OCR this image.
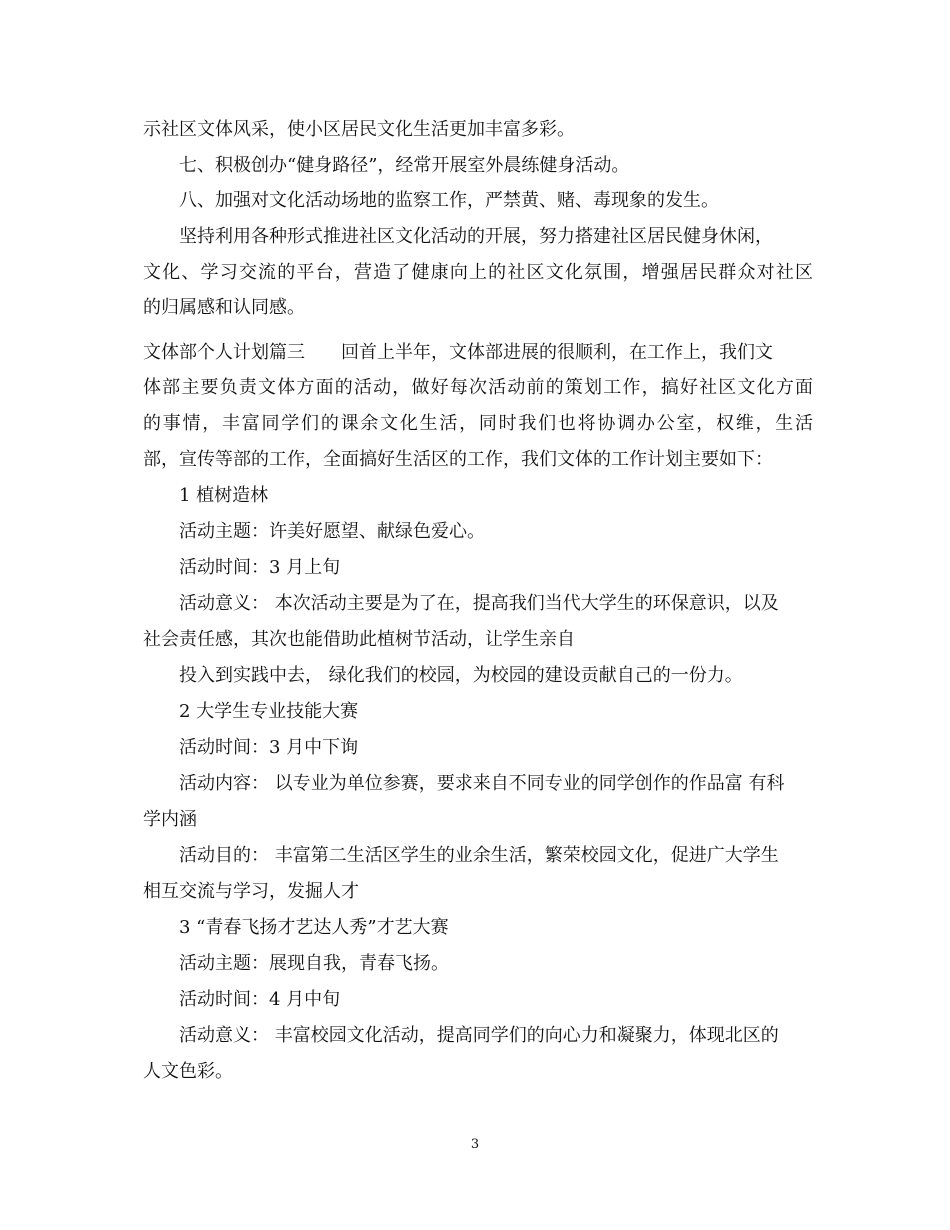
示社区文体风采，使小区居民文化生活更加丰富多彩。
七、积极创办“健身路径”，经常开展室外晨练健身活动。
八、加强对文化活动场地的监察工作，严禁黄、赌、毒现象的发生。
坚持利用各种形式推进社区文化活动的开展，努力搭建社区居民健身休闲，
文化、学习交流的平台，营造了健康向上的社区文化氛围，增强居民群众对社区
的归属感和认同感。
文体部个人计划篇三　　回首上半年，文体部进展的很顺利，在工作上，我们文
体部主要负责文体方面的活动，做好每次活动前的策划工作，搞好社区文化方面
的事情，丰富同学们的课余文化生活，同时我们也将协调办公室，权维，生活
部，宣传等部的工作，全面搞好生活区的工作，我们文体的工作计划主要如下：
1 植树造林
活动主题：许美好愿望、献绿色爱心。
活动时间：3 月上旬
活动意义： 本次活动主要是为了在，提高我们当代大学生的环保意识，以及
社会责任感，其次也能借助此植树节活动，让学生亲自
投入到实践中去， 绿化我们的校园，为校园的建设贡献自己的一份力。
2 大学生专业技能大赛
活动时间：3 月中下询
活动内容： 以专业为单位参赛，要求来自不同专业的同学创作的作品富 有科
学内涵
活动目的： 丰富第二生活区学生的业余生活，繁荣校园文化，促进广大学生
相互交流与学习，发掘人才
3 “青春飞扬才艺达人秀”才艺大赛
活动主题：展现自我，青春飞扬。
活动时间：4 月中旬
活动意义： 丰富校园文化活动，提高同学们的向心力和凝聚力，体现北区的
人文色彩。
3
